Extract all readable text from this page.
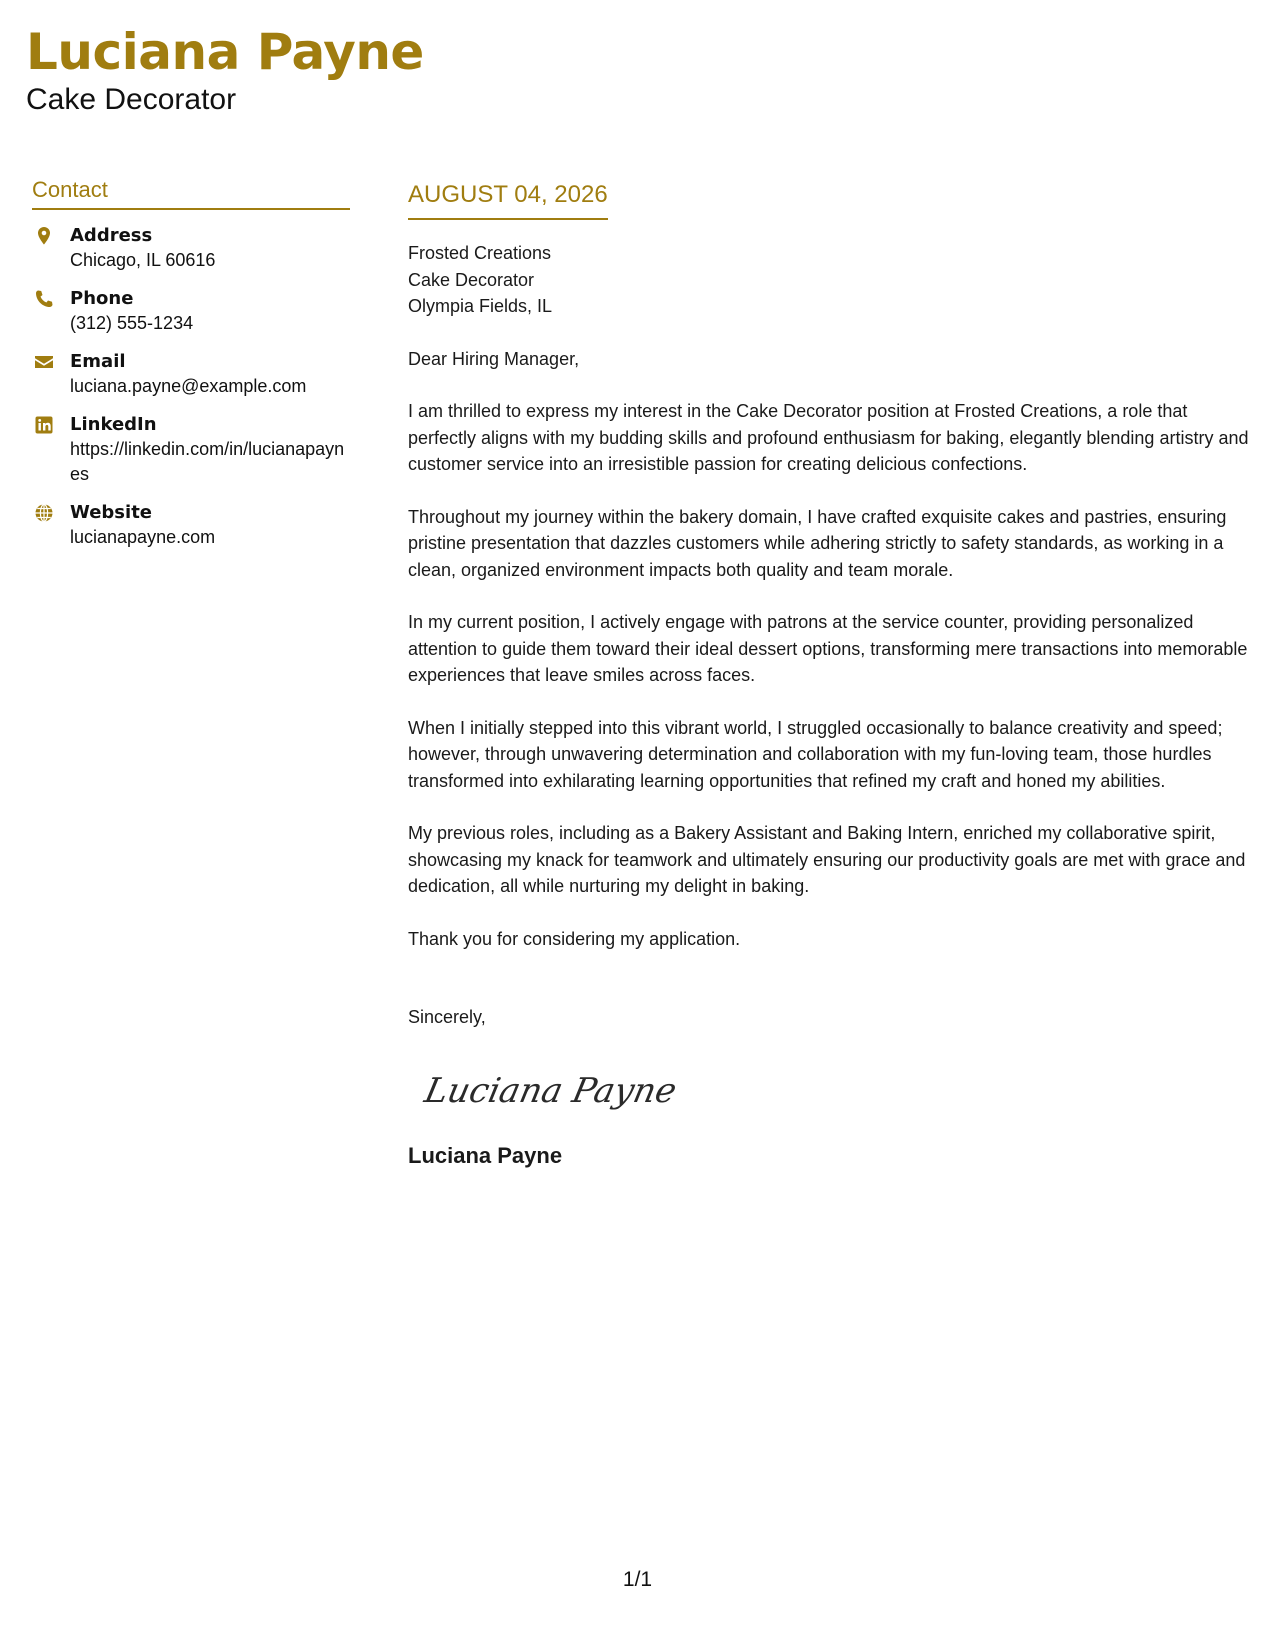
Luciana Payne
Cake Decorator
Contact
Address
Chicago, IL 60616
Phone
(312) 555-1234
Email
luciana.payne@example.com
LinkedIn
https://linkedin.com/in/lucianapaynes
Website
lucianapayne.com
AUGUST 04, 2026
Frosted Creations
Cake Decorator
Olympia Fields, IL

Dear Hiring Manager,

I am thrilled to express my interest in the Cake Decorator position at Frosted Creations, a role that perfectly aligns with my budding skills and profound enthusiasm for baking, elegantly blending artistry and customer service into an irresistible passion for creating delicious confections.

Throughout my journey within the bakery domain, I have crafted exquisite cakes and pastries, ensuring pristine presentation that dazzles customers while adhering strictly to safety standards, as working in a clean, organized environment impacts both quality and team morale.

In my current position, I actively engage with patrons at the service counter, providing personalized attention to guide them toward their ideal dessert options, transforming mere transactions into memorable experiences that leave smiles across faces.

When I initially stepped into this vibrant world, I struggled occasionally to balance creativity and speed; however, through unwavering determination and collaboration with my fun-loving team, those hurdles transformed into exhilarating learning opportunities that refined my craft and honed my abilities.

My previous roles, including as a Bakery Assistant and Baking Intern, enriched my collaborative spirit, showcasing my knack for teamwork and ultimately ensuring our productivity goals are met with grace and dedication, all while nurturing my delight in baking.

Thank you for considering my application.

Sincerely,
Luciana Payne
Luciana Payne
1/1
